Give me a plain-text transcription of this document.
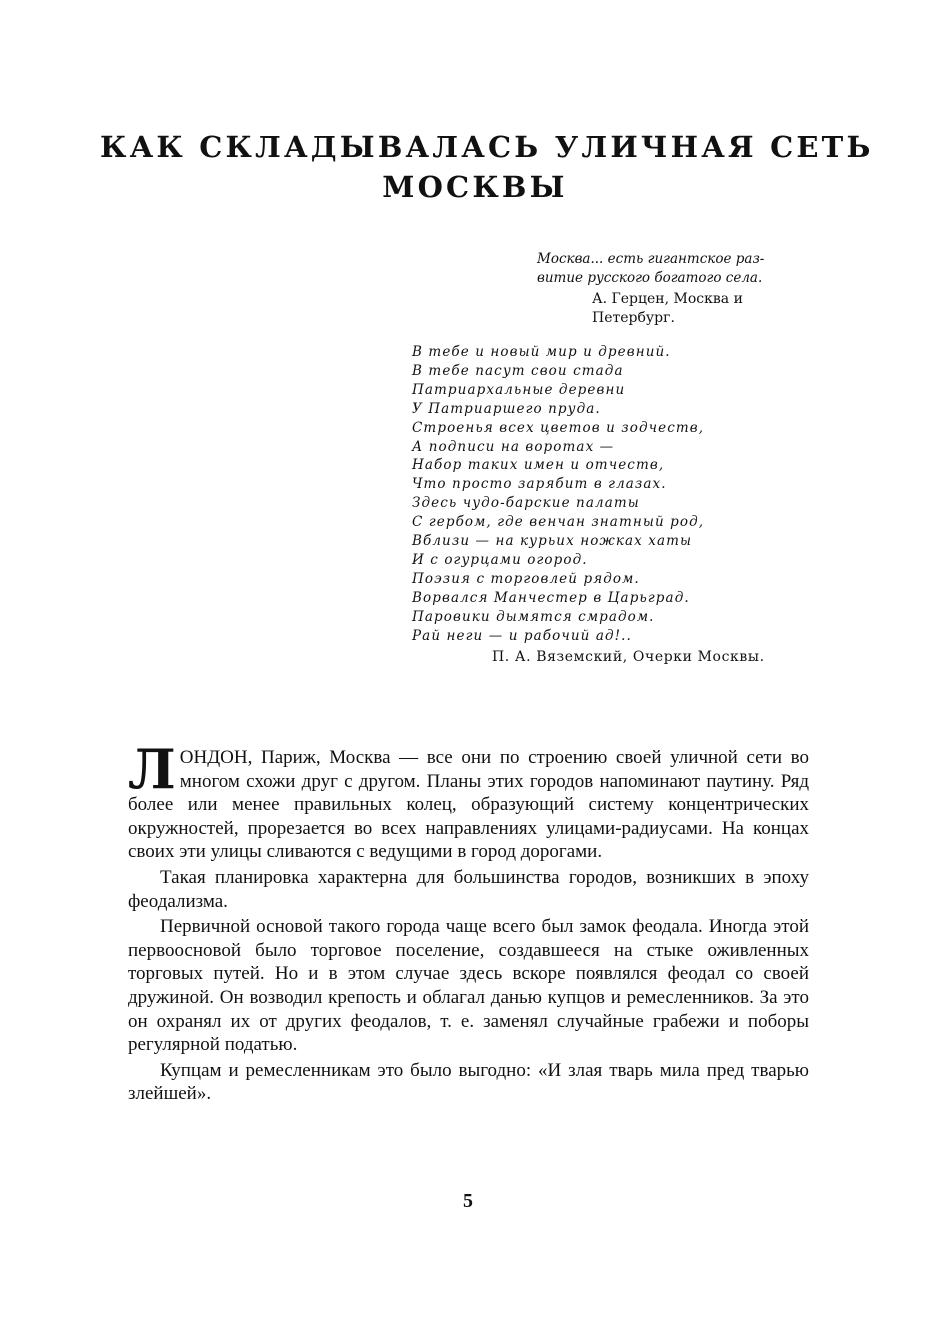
КАК СКЛАДЫВАЛАСЬ УЛИЧНАЯ СЕТЬ
МОСКВЫ
Москва... есть гигантское раз-
витие русского богатого села.
А. Герцен, Москва и
Петербург.
В тебе и новый мир и древний.
В тебе пасут свои стада
Патриархальные деревни
У Патриаршего пруда.
Строенья всех цветов и зодчеств,
А подписи на воротах —
Набор таких имен и отчеств,
Что просто зарябит в глазах.
Здесь чудо-барские палаты
С гербом, где венчан знатный род,
Вблизи — на курьих ножках хаты
И с огурцами огород.
Поэзия с торговлей рядом.
Ворвался Манчестер в Царьград.
Паровики дымятся смрадом.
Рай неги — и рабочий ад!..
П. А. Вяземский, Очерки Москвы.

ЛОНДОН, Париж, Москва — все они по строению своей уличной сети во многом схожи друг с другом. Планы этих городов напоминают паутину. Ряд более или менее правильных колец, образующий систему концентрических окружностей, прорезается во всех направлениях улицами-радиусами. На концах своих эти улицы сливаются с ведущими в город дорогами.

Такая планировка характерна для большинства городов, возникших в эпоху феодализма.

Первичной основой такого города чаще всего был замок феодала. Иногда этой первоосновой было торговое поселение, создавшееся на стыке оживленных торговых путей. Но и в этом случае здесь вскоре появлялся феодал со своей дружиной. Он возводил крепость и облагал данью купцов и ремесленников. За это он охранял их от других феодалов, т. е. заменял случайные грабежи и поборы регулярной податью.

Купцам и ремесленникам это было выгодно: «И злая тварь мила пред тварью злейшей».

5
